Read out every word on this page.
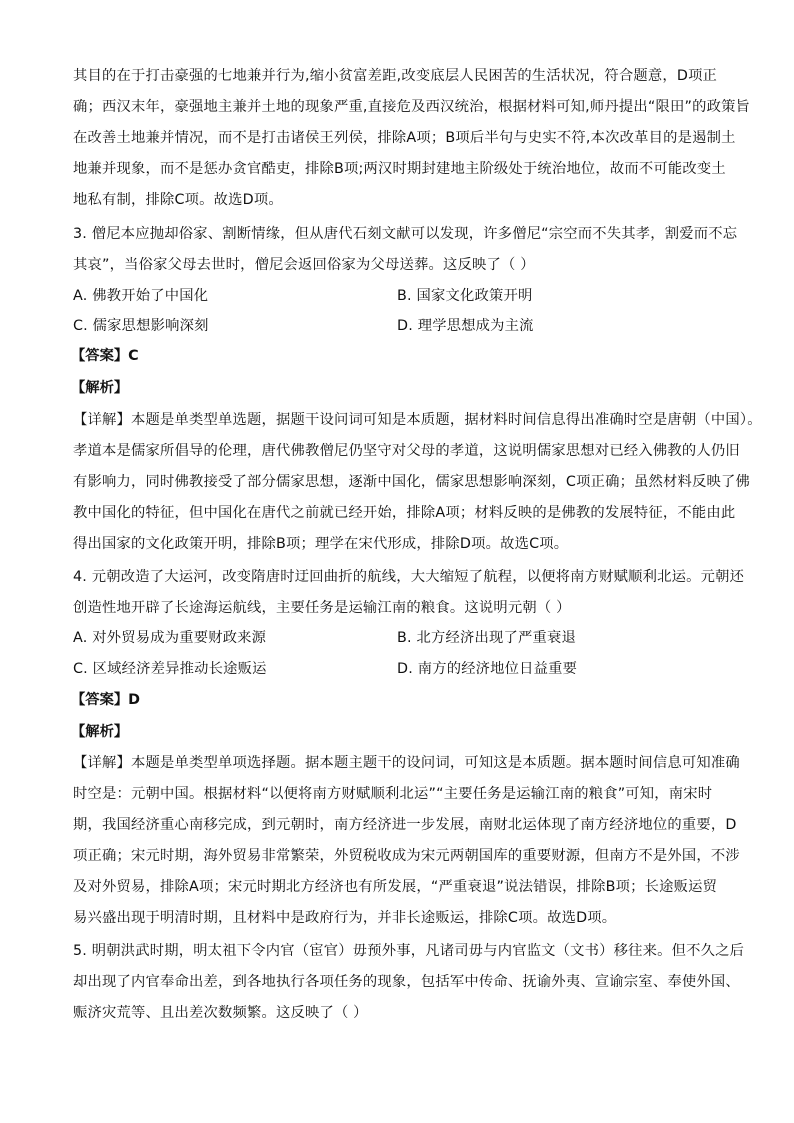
其目的在于打击豪强的七地兼并行为,缩小贫富差距,改变底层人民困苦的生活状况，符合题意，D项正
确；西汉末年，豪强地主兼并土地的现象严重,直接危及西汉统治，根据材料可知,师丹提出“限田”的政策旨
在改善土地兼并情况，而不是打击诸侯王列侯，排除A项；B项后半句与史实不符,本次改革目的是遏制土
地兼并现象，而不是惩办贪官酷吏，排除B项;两汉时期封建地主阶级处于统治地位，故而不可能改变土
地私有制，排除C项。故选D项。
3. 僧尼本应抛却俗家、割断情缘，但从唐代石刻文献可以发现，许多僧尼“宗空而不失其孝，割爱而不忘
其哀”，当俗家父母去世时，僧尼会返回俗家为父母送葬。这反映了（ ）
A. 佛教开始了中国化	B. 国家文化政策开明
C. 儒家思想影响深刻	D. 理学思想成为主流
【答案】C
【解析】
【详解】本题是单类型单选题，据题干设问词可知是本质题，据材料时间信息得出准确时空是唐朝（中国）。
孝道本是儒家所倡导的伦理，唐代佛教僧尼仍坚守对父母的孝道，这说明儒家思想对已经入佛教的人仍旧
有影响力，同时佛教接受了部分儒家思想，逐渐中国化，儒家思想影响深刻，C项正确；虽然材料反映了佛
教中国化的特征，但中国化在唐代之前就已经开始，排除A项；材料反映的是佛教的发展特征，不能由此
得出国家的文化政策开明，排除B项；理学在宋代形成，排除D项。故选C项。
4. 元朝改造了大运河，改变隋唐时迂回曲折的航线，大大缩短了航程，以便将南方财赋顺利北运。元朝还
创造性地开辟了长途海运航线，主要任务是运输江南的粮食。这说明元朝（ ）
A. 对外贸易成为重要财政来源	B. 北方经济出现了严重衰退
C. 区域经济差异推动长途贩运	D. 南方的经济地位日益重要
【答案】D
【解析】
【详解】本题是单类型单项选择题。据本题主题干的设问词，可知这是本质题。据本题时间信息可知准确
时空是：元朝中国。根据材料“以便将南方财赋顺利北运”“主要任务是运输江南的粮食”可知，南宋时
期，我国经济重心南移完成，到元朝时，南方经济进一步发展，南财北运体现了南方经济地位的重要，D
项正确；宋元时期，海外贸易非常繁荣，外贸税收成为宋元两朝国库的重要财源，但南方不是外国，不涉
及对外贸易，排除A项；宋元时期北方经济也有所发展，“严重衰退”说法错误，排除B项；长途贩运贸
易兴盛出现于明清时期，且材料中是政府行为，并非长途贩运，排除C项。故选D项。
5. 明朝洪武时期，明太祖下令内官（宦官）毋预外事，凡诸司毋与内官监文（文书）移往来。但不久之后
却出现了内官奉命出差，到各地执行各项任务的现象，包括军中传命、抚谕外夷、宣谕宗室、奉使外国、
赈济灾荒等、且出差次数频繁。这反映了（ ）
